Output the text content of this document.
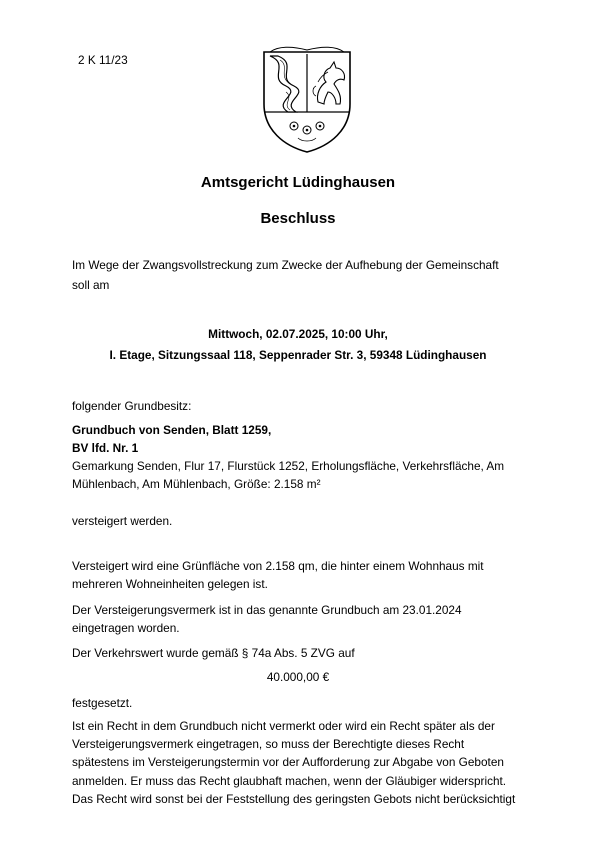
2 K 11/23
Amtsgericht Lüdinghausen
Beschluss
Im Wege der Zwangsvollstreckung zum Zwecke der Aufhebung der Gemeinschaft
soll am
Mittwoch, 02.07.2025, 10:00 Uhr,
I. Etage, Sitzungssaal 118, Seppenrader Str. 3, 59348 Lüdinghausen
folgender Grundbesitz:
Grundbuch von Senden, Blatt 1259,
BV lfd. Nr. 1
Gemarkung Senden, Flur 17, Flurstück 1252, Erholungsfläche, Verkehrsfläche, Am
Mühlenbach, Am Mühlenbach, Größe: 2.158 m²
versteigert werden.
Versteigert wird eine Grünfläche von 2.158 qm, die hinter einem Wohnhaus mit
mehreren Wohneinheiten gelegen ist.
Der Versteigerungsvermerk ist in das genannte Grundbuch am 23.01.2024
eingetragen worden.
Der Verkehrswert wurde gemäß § 74a Abs. 5 ZVG auf
40.000,00 €
festgesetzt.
Ist ein Recht in dem Grundbuch nicht vermerkt oder wird ein Recht später als der
Versteigerungsvermerk eingetragen, so muss der Berechtigte dieses Recht
spätestens im Versteigerungstermin vor der Aufforderung zur Abgabe von Geboten
anmelden. Er muss das Recht glaubhaft machen, wenn der Gläubiger widerspricht.
Das Recht wird sonst bei der Feststellung des geringsten Gebots nicht berücksichtigt
